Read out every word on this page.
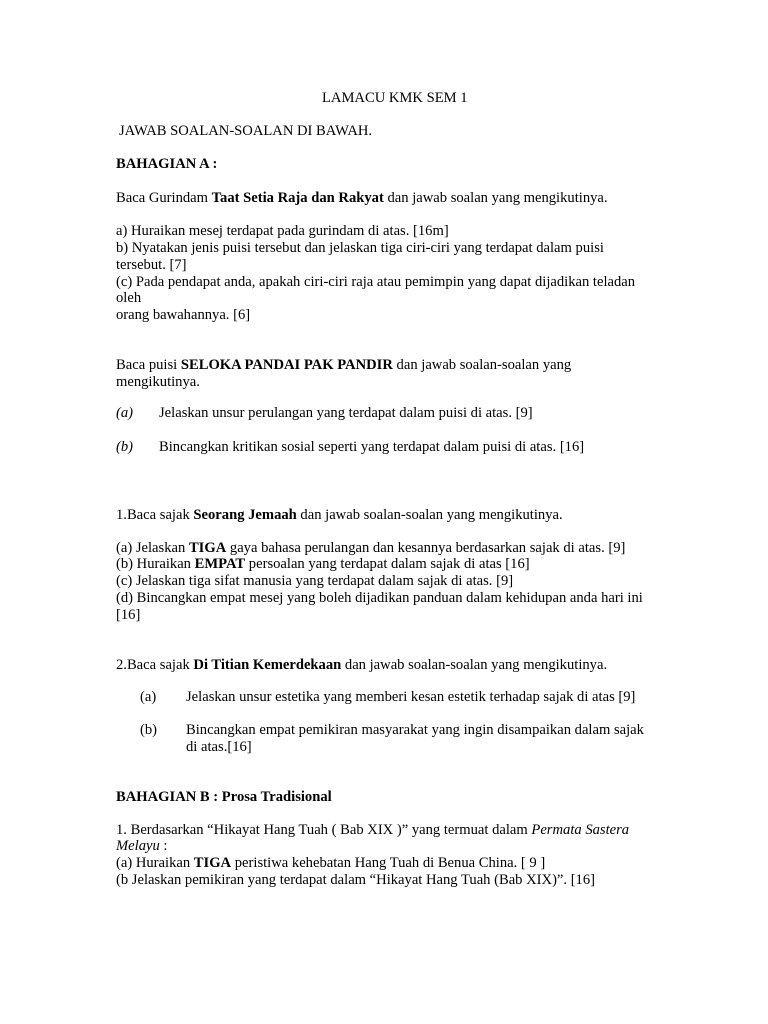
LAMACU KMK SEM 1
JAWAB SOALAN-SOALAN DI BAWAH.
BAHAGIAN A :
Baca Gurindam Taat Setia Raja dan Rakyat dan jawab soalan yang mengikutinya.
a) Huraikan mesej terdapat pada gurindam di atas. [16m]
b) Nyatakan jenis puisi tersebut dan jelaskan tiga ciri-ciri yang terdapat dalam puisi
tersebut. [7]
(c) Pada pendapat anda, apakah ciri-ciri raja atau pemimpin yang dapat dijadikan teladan
oleh
orang bawahannya. [6]
Baca puisi SELOKA PANDAI PAK PANDIR dan jawab soalan-soalan yang
mengikutinya.
(a) Jelaskan unsur perulangan yang terdapat dalam puisi di atas. [9]
(b) Bincangkan kritikan sosial seperti yang terdapat dalam puisi di atas. [16]
1.Baca sajak Seorang Jemaah dan jawab soalan-soalan yang mengikutinya.
(a) Jelaskan TIGA gaya bahasa perulangan dan kesannya berdasarkan sajak di atas. [9]
(b) Huraikan EMPAT persoalan yang terdapat dalam sajak di atas [16]
(c) Jelaskan tiga sifat manusia yang terdapat dalam sajak di atas. [9]
(d) Bincangkan empat mesej yang boleh dijadikan panduan dalam kehidupan anda hari ini
[16]
2.Baca sajak Di Titian Kemerdekaan dan jawab soalan-soalan yang mengikutinya.
(a) Jelaskan unsur estetika yang memberi kesan estetik terhadap sajak di atas [9]
(b) Bincangkan empat pemikiran masyarakat yang ingin disampaikan dalam sajak
di atas.[16]
BAHAGIAN B : Prosa Tradisional
1. Berdasarkan “Hikayat Hang Tuah ( Bab XIX )” yang termuat dalam Permata Sastera
Melayu :
(a) Huraikan TIGA peristiwa kehebatan Hang Tuah di Benua China. [ 9 ]
(b Jelaskan pemikiran yang terdapat dalam “Hikayat Hang Tuah (Bab XIX)”. [16]
